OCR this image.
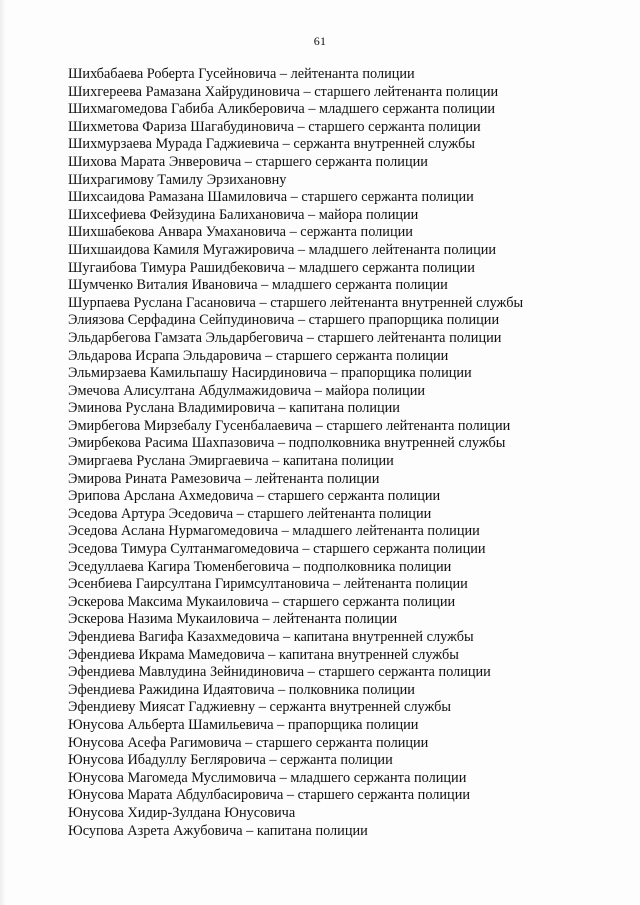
61
Шихбабаева Роберта Гусейновича – лейтенанта полиции
Шихгереева Рамазана Хайрудиновича – старшего лейтенанта полиции
Шихмагомедова Габиба Аликберовича – младшего сержанта полиции
Шихметова Фариза Шагабудиновича – старшего сержанта полиции
Шихмурзаева Мурада Гаджиевича – сержанта внутренней службы
Шихова Марата Энверовича – старшего сержанта полиции
Шихрагимову Тамилу Эрзихановну
Шихсаидова Рамазана Шамиловича – старшего сержанта полиции
Шихсефиева Фейзудина Балихановича – майора полиции
Шихшабекова Анвара Умахановича – сержанта полиции
Шихшаидова Камиля Мугажировича – младшего лейтенанта полиции
Шугаибова Тимура Рашидбековича – младшего сержанта полиции
Шумченко Виталия Ивановича – младшего сержанта полиции
Шурпаева Руслана Гасановича – старшего лейтенанта внутренней службы
Элиязова Серфадина Сейпудиновича – старшего прапорщика полиции
Эльдарбегова Гамзата Эльдарбеговича – старшего лейтенанта полиции
Эльдарова Исрапа Эльдаровича – старшего сержанта полиции
Эльмирзаева Камильпашу Насирдиновича – прапорщика полиции
Эмечова Алисултана Абдулмажидовича – майора полиции
Эминова Руслана Владимировича – капитана полиции
Эмирбегова Мирзебалу Гусенбалаевича – старшего лейтенанта полиции
Эмирбекова Расима Шахпазовича – подполковника внутренней службы
Эмиргаева Руслана Эмиргаевича – капитана полиции
Эмирова Рината Рамезовича – лейтенанта полиции
Эрипова Арслана Ахмедовича – старшего сержанта полиции
Эседова Артура Эседовича – старшего лейтенанта полиции
Эседова Аслана Нурмагомедовича – младшего лейтенанта полиции
Эседова Тимура Султанмагомедовича – старшего сержанта полиции
Эседуллаева Кагира Тюменбеговича – подполковника полиции
Эсенбиева Гаирсултана Гиримсултановича – лейтенанта полиции
Эскерова Максима Мукаиловича – старшего сержанта полиции
Эскерова Назима Мукаиловича – лейтенанта полиции
Эфендиева Вагифа Казахмедовича – капитана внутренней службы
Эфендиева Икрама Мамедовича – капитана внутренней службы
Эфендиева Мавлудина Зейнидиновича – старшего сержанта полиции
Эфендиева Ражидина Идаятовича – полковника полиции
Эфендиеву Миясат Гаджиевну – сержанта внутренней службы
Юнусова Альберта Шамильевича – прапорщика полиции
Юнусова Асефа Рагимовича – старшего сержанта полиции
Юнусова Ибадуллу Бегляровича – сержанта полиции
Юнусова Магомеда Муслимовича – младшего сержанта полиции
Юнусова Марата Абдулбасировича – старшего сержанта полиции
Юнусова Хидир-Зулдана Юнусовича
Юсупова Азрета Ажубовича – капитана полиции
